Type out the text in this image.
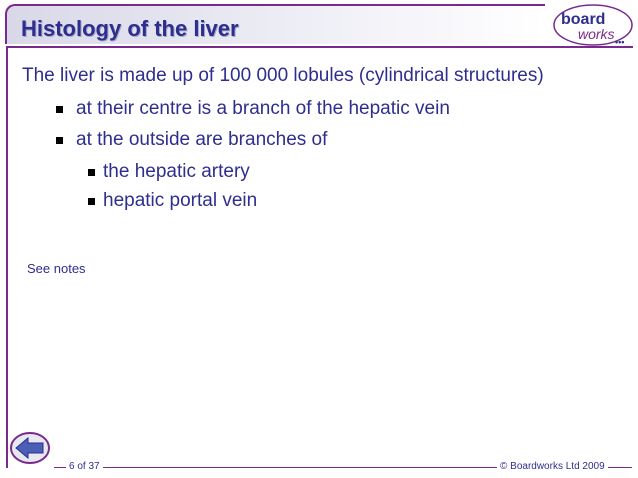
Histology of the liver	board
works •••
The liver is made up of 100 000 lobules (cylindrical structures)
at their centre is a branch of the hepatic vein
at the outside are branches of
the hepatic artery
hepatic portal vein
See notes
6 of 37	© Boardworks Ltd 2009
